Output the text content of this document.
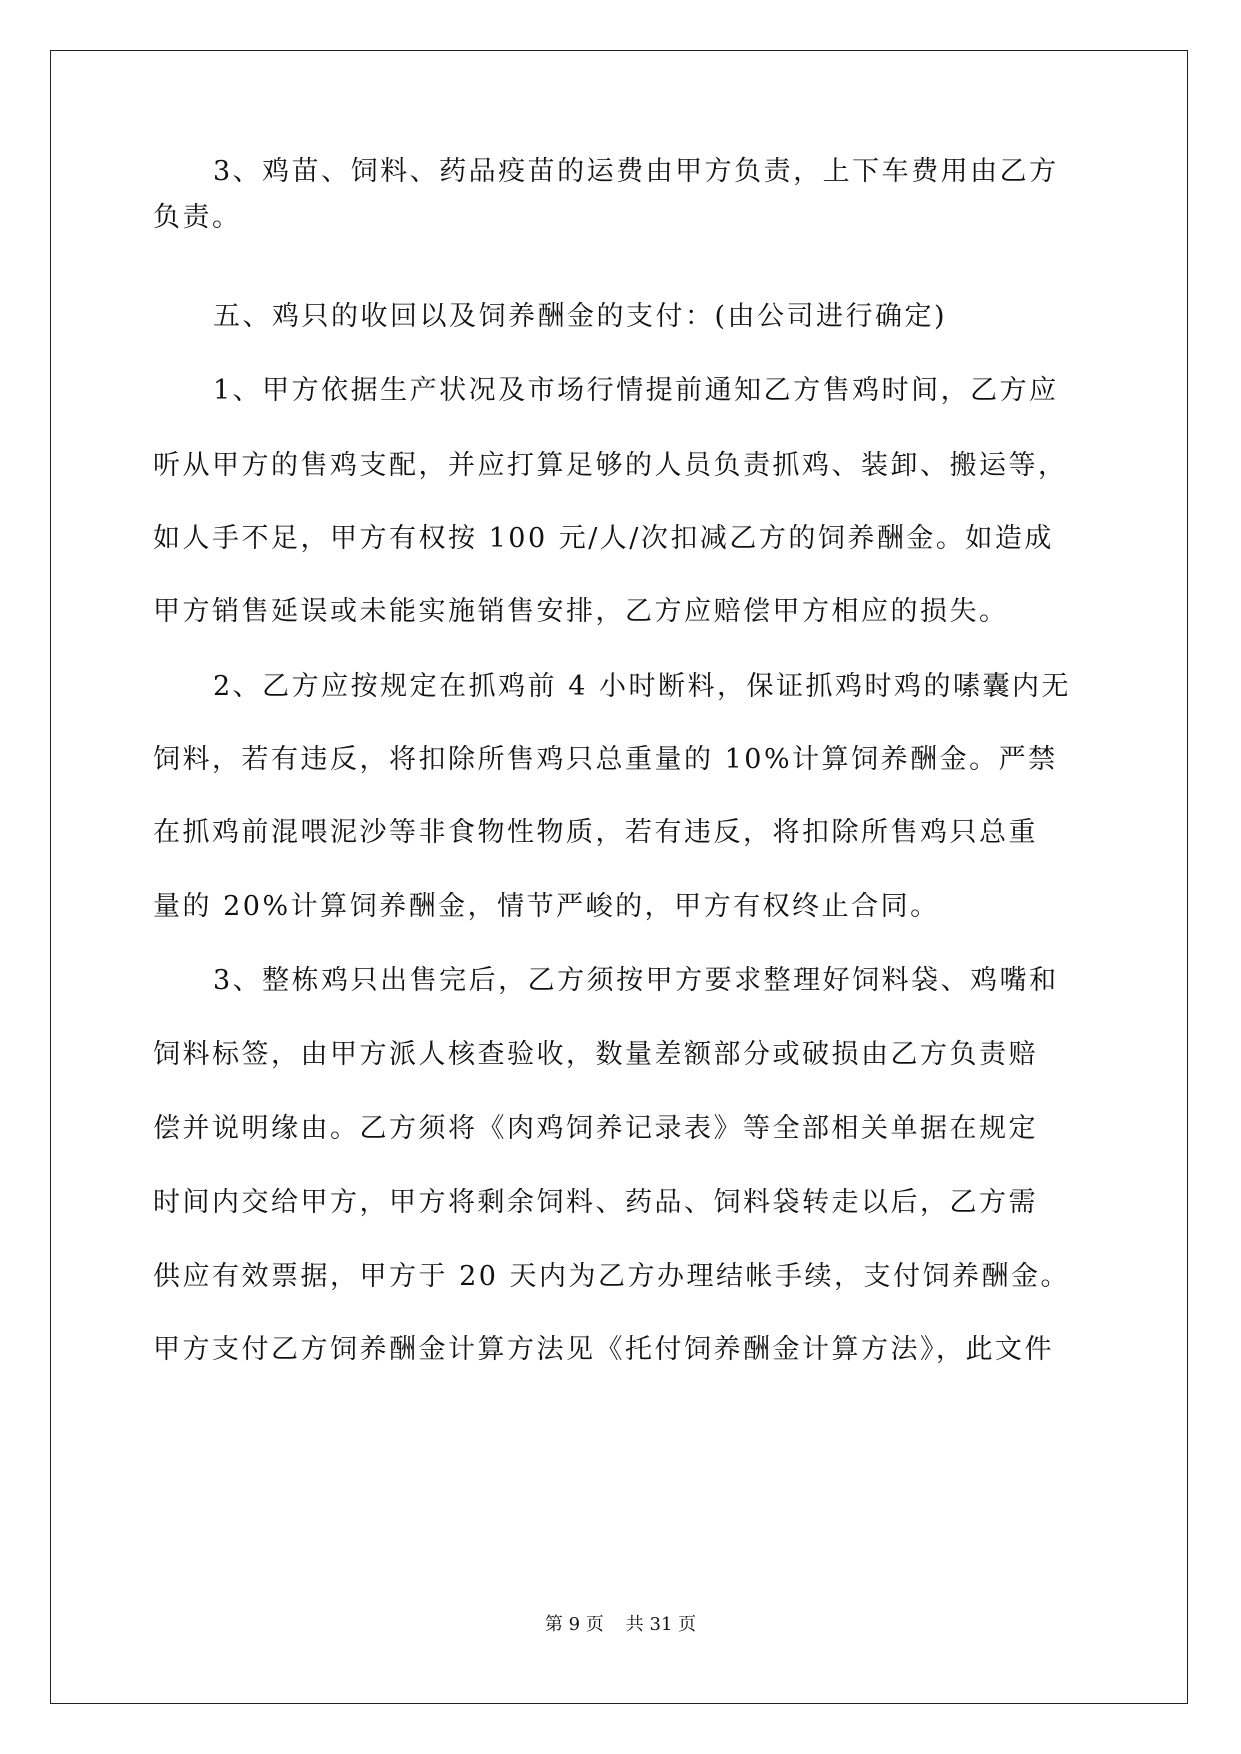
3、鸡苗、饲料、药品疫苗的运费由甲方负责，上下车费用由乙方
负责。
五、鸡只的收回以及饲养酬金的支付：(由公司进行确定)
1、甲方依据生产状况及市场行情提前通知乙方售鸡时间，乙方应
听从甲方的售鸡支配，并应打算足够的人员负责抓鸡、装卸、搬运等，
如人手不足，甲方有权按 100 元/人/次扣减乙方的饲养酬金。如造成
甲方销售延误或未能实施销售安排，乙方应赔偿甲方相应的损失。
2、乙方应按规定在抓鸡前 4 小时断料，保证抓鸡时鸡的嗉囊内无
饲料，若有违反，将扣除所售鸡只总重量的 10%计算饲养酬金。严禁
在抓鸡前混喂泥沙等非食物性物质，若有违反，将扣除所售鸡只总重
量的 20%计算饲养酬金，情节严峻的，甲方有权终止合同。
3、整栋鸡只出售完后，乙方须按甲方要求整理好饲料袋、鸡嘴和
饲料标签，由甲方派人核查验收，数量差额部分或破损由乙方负责赔
偿并说明缘由。乙方须将《肉鸡饲养记录表》等全部相关单据在规定
时间内交给甲方，甲方将剩余饲料、药品、饲料袋转走以后，乙方需
供应有效票据，甲方于 20 天内为乙方办理结帐手续，支付饲养酬金。
甲方支付乙方饲养酬金计算方法见《托付饲养酬金计算方法》，此文件
第 9 页 共 31 页
